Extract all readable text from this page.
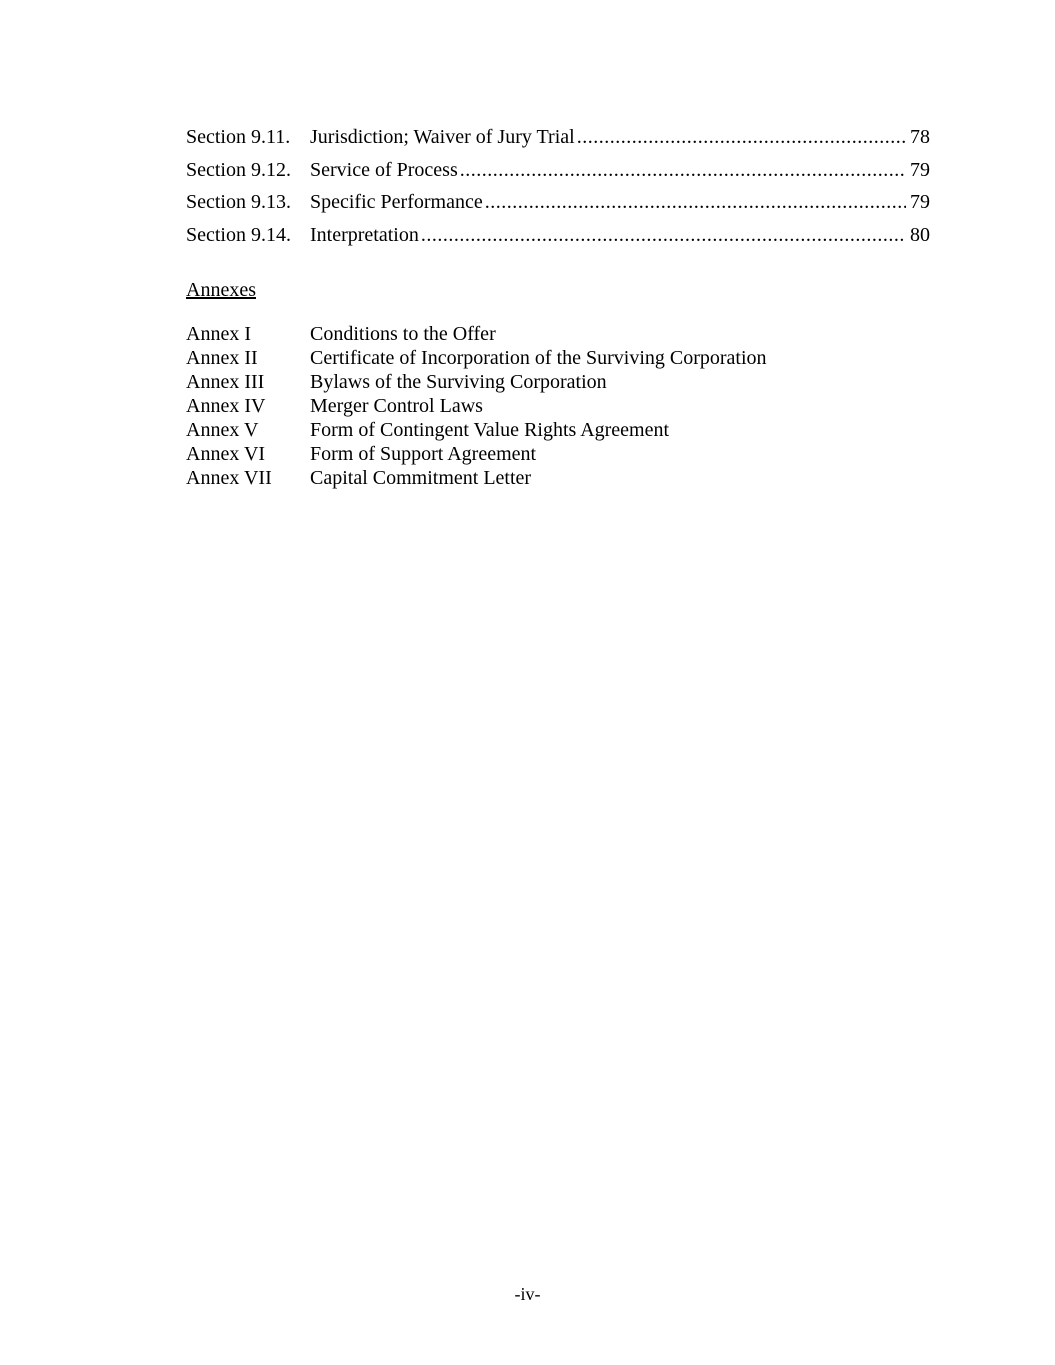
Section 9.11. Jurisdiction; Waiver of Jury Trial .....	78
Section 9.12. Service of Process .....	79
Section 9.13. Specific Performance .....	79
Section 9.14. Interpretation .....	80
Annexes
Annex I	Conditions to the Offer
Annex II	Certificate of Incorporation of the Surviving Corporation
Annex III	Bylaws of the Surviving Corporation
Annex IV	Merger Control Laws
Annex V	Form of Contingent Value Rights Agreement
Annex VI	Form of Support Agreement
Annex VII	Capital Commitment Letter
-iv-
